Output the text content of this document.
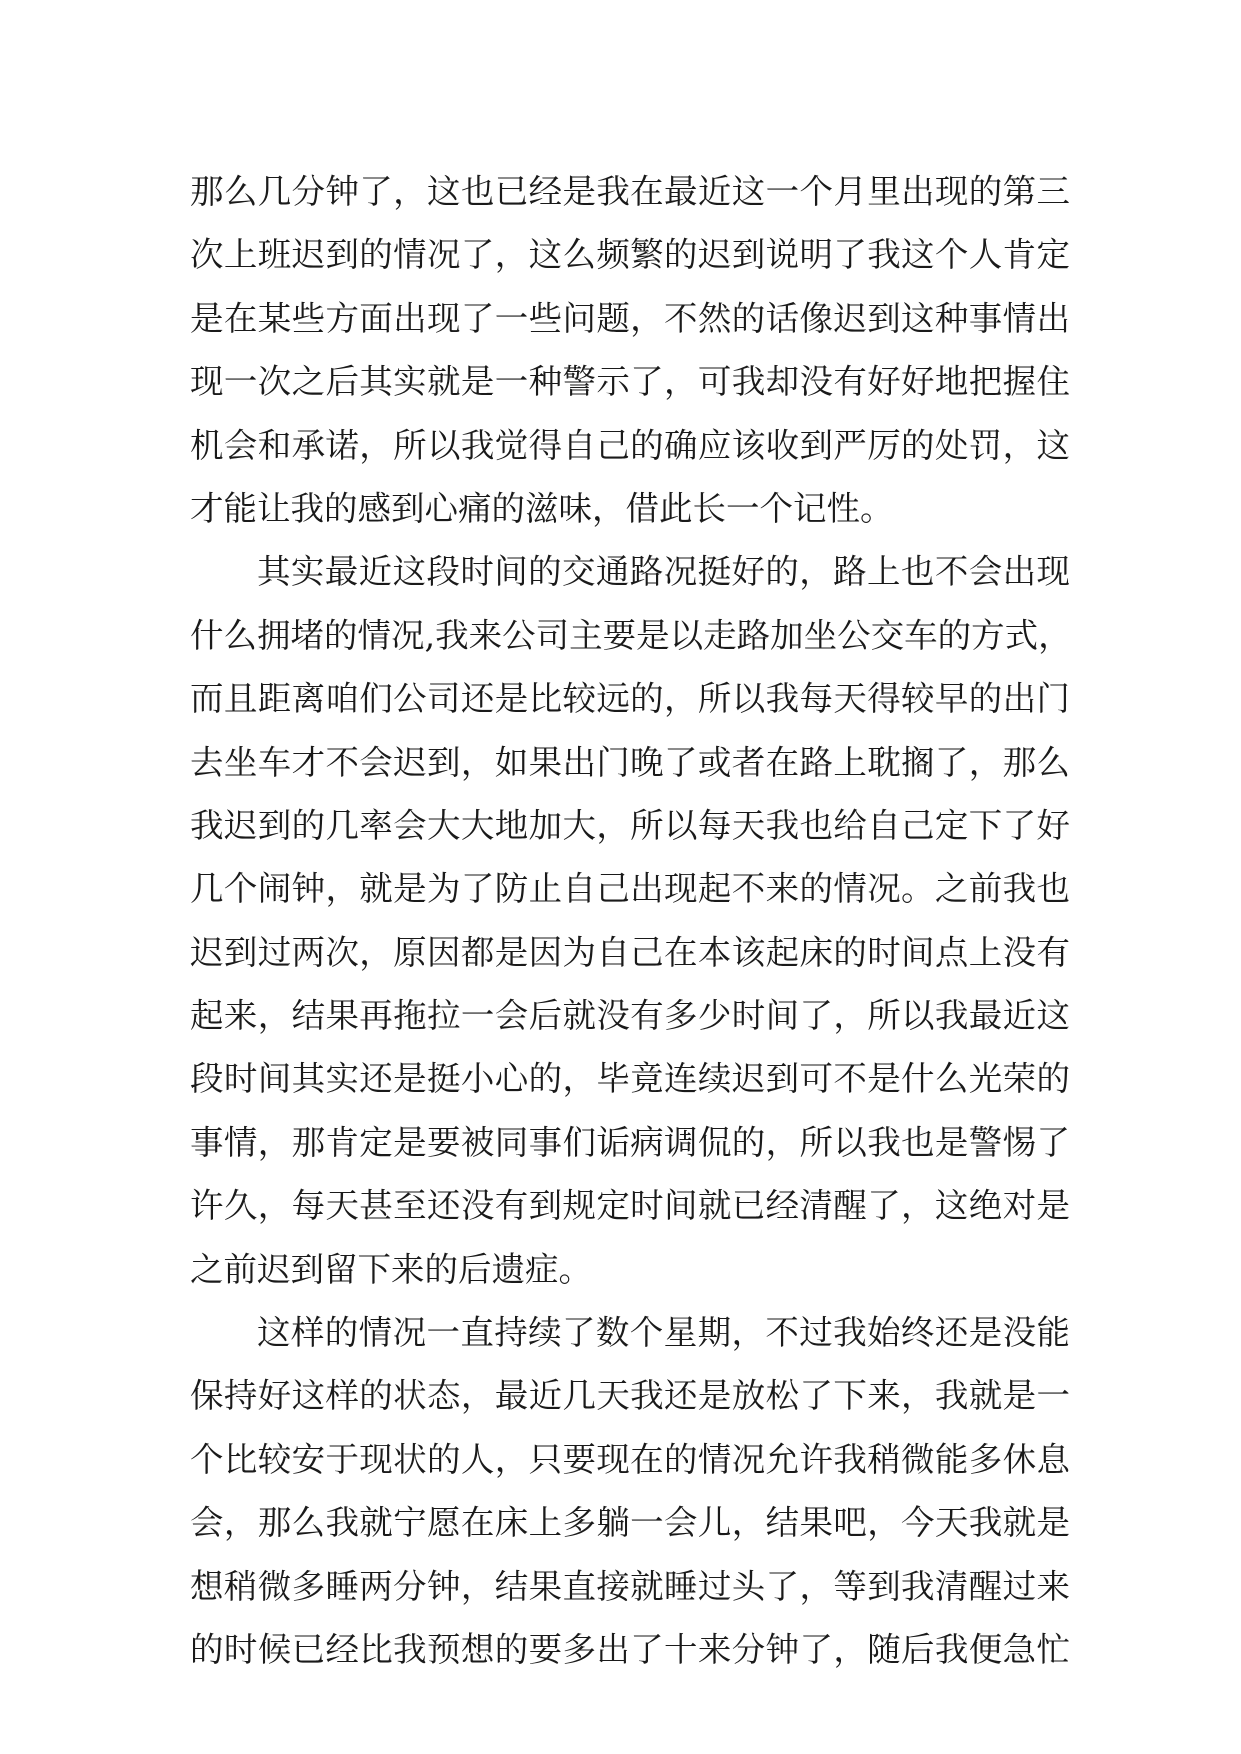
那么几分钟了，这也已经是我在最近这一个月里出现的第三
次上班迟到的情况了，这么频繁的迟到说明了我这个人肯定
是在某些方面出现了一些问题，不然的话像迟到这种事情出
现一次之后其实就是一种警示了，可我却没有好好地把握住
机会和承诺，所以我觉得自己的确应该收到严厉的处罚，这
才能让我的感到心痛的滋味，借此长一个记性。
其实最近这段时间的交通路况挺好的，路上也不会出现
什么拥堵的情况,我来公司主要是以走路加坐公交车的方式，
而且距离咱们公司还是比较远的，所以我每天得较早的出门
去坐车才不会迟到，如果出门晚了或者在路上耽搁了，那么
我迟到的几率会大大地加大，所以每天我也给自己定下了好
几个闹钟，就是为了防止自己出现起不来的情况。之前我也
迟到过两次，原因都是因为自己在本该起床的时间点上没有
起来，结果再拖拉一会后就没有多少时间了，所以我最近这
段时间其实还是挺小心的，毕竟连续迟到可不是什么光荣的
事情，那肯定是要被同事们诟病调侃的，所以我也是警惕了
许久，每天甚至还没有到规定时间就已经清醒了，这绝对是
之前迟到留下来的后遗症。
这样的情况一直持续了数个星期，不过我始终还是没能
保持好这样的状态，最近几天我还是放松了下来，我就是一
个比较安于现状的人，只要现在的情况允许我稍微能多休息
会，那么我就宁愿在床上多躺一会儿，结果吧，今天我就是
想稍微多睡两分钟，结果直接就睡过头了，等到我清醒过来
的时候已经比我预想的要多出了十来分钟了，随后我便急忙
